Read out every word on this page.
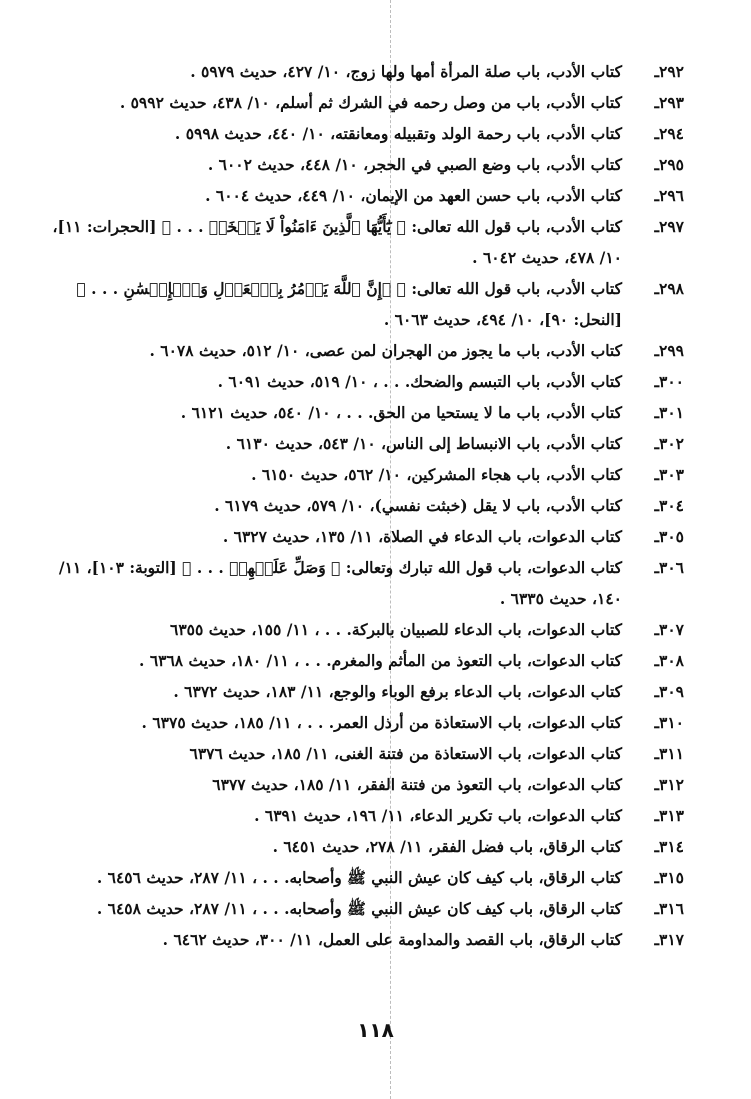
٢٩٢ ـ
كتاب الأدب، باب صلة المرأة أمها ولها زوج، ١٠/ ٤٢٧، حديث ٥٩٧٩ .
٢٩٣ ـ
كتاب الأدب، باب من وصل رحمه في الشرك ثم أسلم، ١٠/ ٤٣٨، حديث ٥٩٩٢ .
٢٩٤ ـ
كتاب الأدب، باب رحمة الولد وتقبيله ومعانقته، ١٠/ ٤٤٠، حديث ٥٩٩٨ .
٢٩٥ ـ
كتاب الأدب، باب وضع الصبي في الحجر، ١٠/ ٤٤٨، حديث ٦٠٠٢ .
٢٩٦ ـ
كتاب الأدب، باب حسن العهد من الإيمان، ١٠/ ٤٤٩، حديث ٦٠٠٤ .
٢٩٧ ـ
كتاب الأدب، باب قول الله تعالى: ﴿ يَٰٓأَيُّهَا ٱلَّذِينَ ءَامَنُواْ لَا يَسۡخَرۡ . . . ﴾ [الحجرات: ١١]، ١٠/ ٤٧٨، حديث ٦٠٤٢ .
٢٩٨ ـ
كتاب الأدب، باب قول الله تعالى: ﴿ ۞إِنَّ ٱللَّهَ يَأۡمُرُ بِٱلۡعَدۡلِ وَٱلۡإِحۡسَٰنِ . . . ﴾ [النحل: ٩٠]، ١٠/ ٤٩٤، حديث ٦٠٦٣ .
٢٩٩ ـ
كتاب الأدب، باب ما يجوز من الهجران لمن عصى، ١٠/ ٥١٢، حديث ٦٠٧٨ .
٣٠٠ ـ
كتاب الأدب، باب التبسم والضحك. . . ، ١٠/ ٥١٩، حديث ٦٠٩١ .
٣٠١ ـ
كتاب الأدب، باب ما لا يستحيا من الحق. . . ، ١٠/ ٥٤٠، حديث ٦١٢١ .
٣٠٢ ـ
كتاب الأدب، باب الانبساط إلى الناس، ١٠/ ٥٤٣، حديث ٦١٣٠ .
٣٠٣ ـ
كتاب الأدب، باب هجاء المشركين، ١٠/ ٥٦٢، حديث ٦١٥٠ .
٣٠٤ ـ
كتاب الأدب، باب لا يقل (خبثت نفسي)، ١٠/ ٥٧٩، حديث ٦١٧٩ .
٣٠٥ ـ
كتاب الدعوات، باب الدعاء في الصلاة، ١١/ ١٣٥، حديث ٦٣٢٧ .
٣٠٦ ـ
كتاب الدعوات، باب قول الله تبارك وتعالى: ﴿ وَصَلِّ عَلَيۡهِمۡ . . . ﴾ [التوبة: ١٠٣]، ١١/ ١٤٠، حديث ٦٣٣٥ .
٣٠٧ ـ
كتاب الدعوات، باب الدعاء للصبيان بالبركة. . . ، ١١/ ١٥٥، حديث ٦٣٥٥
٣٠٨ ـ
كتاب الدعوات، باب التعوذ من المأثم والمغرم. . . ، ١١/ ١٨٠، حديث ٦٣٦٨ .
٣٠٩ ـ
كتاب الدعوات، باب الدعاء برفع الوباء والوجع، ١١/ ١٨٣، حديث ٦٣٧٢ .
٣١٠ ـ
كتاب الدعوات، باب الاستعاذة من أرذل العمر. . . ، ١١/ ١٨٥، حديث ٦٣٧٥ .
٣١١ ـ
كتاب الدعوات، باب الاستعاذة من فتنة الغنى، ١١/ ١٨٥، حديث ٦٣٧٦
٣١٢ ـ
كتاب الدعوات، باب التعوذ من فتنة الفقر، ١١/ ١٨٥، حديث ٦٣٧٧
٣١٣ ـ
كتاب الدعوات، باب تكرير الدعاء، ١١/ ١٩٦، حديث ٦٣٩١ .
٣١٤ ـ
كتاب الرقاق، باب فضل الفقر، ١١/ ٢٧٨، حديث ٦٤٥١ .
٣١٥ ـ
كتاب الرقاق، باب كيف كان عيش النبي ﷺ وأصحابه. . . ، ١١/ ٢٨٧، حديث ٦٤٥٦ .
٣١٦ ـ
كتاب الرقاق، باب كيف كان عيش النبي ﷺ وأصحابه. . . ، ١١/ ٢٨٧، حديث ٦٤٥٨ .
٣١٧ ـ
كتاب الرقاق، باب القصد والمداومة على العمل، ١١/ ٣٠٠، حديث ٦٤٦٢ .
١١٨
